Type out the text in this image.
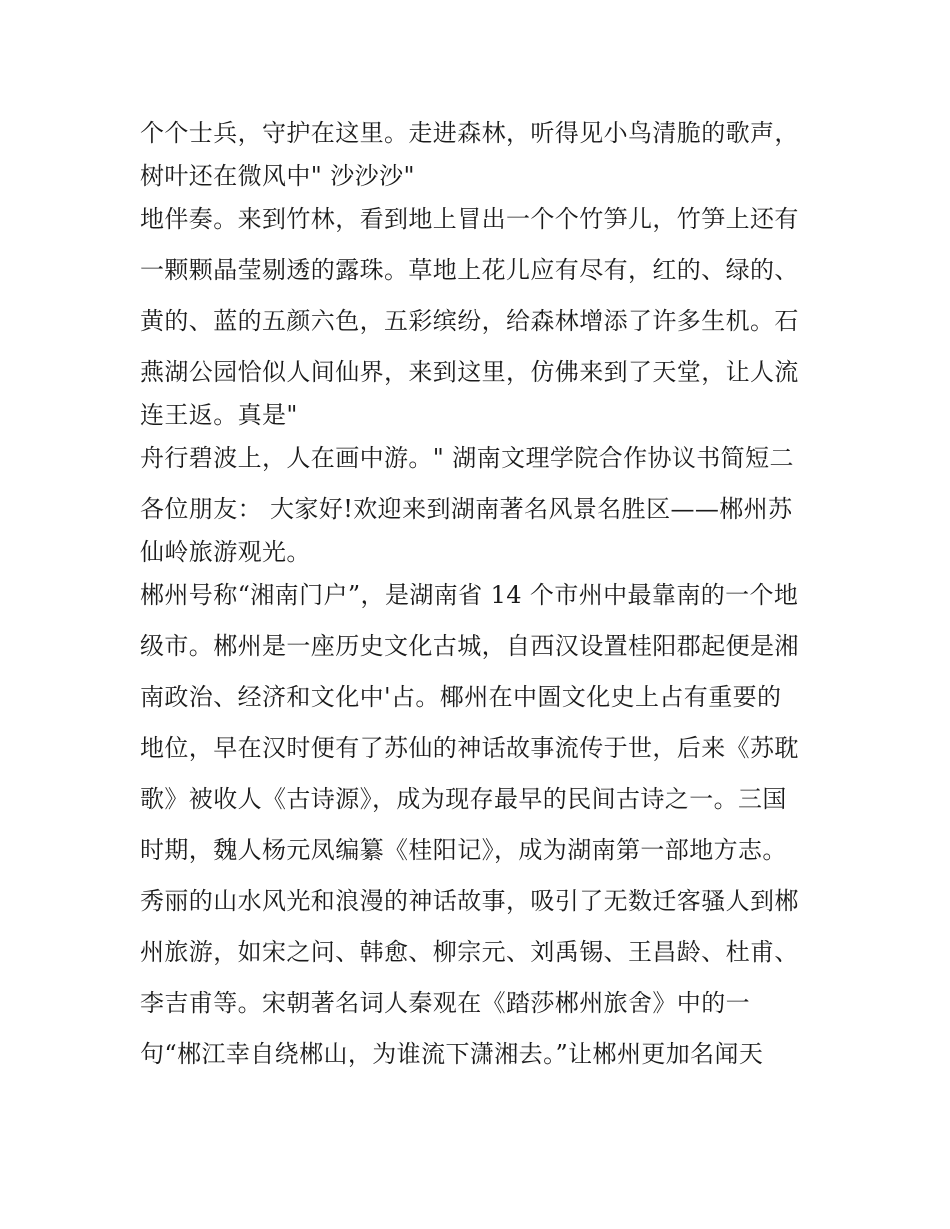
个个士兵，守护在这里。走进森林，听得见小鸟清脆的歌声，
树叶还在微风中" 沙沙沙"
地伴奏。来到竹林，看到地上冒出一个个竹笋儿，竹笋上还有
一颗颗晶莹剔透的露珠。草地上花儿应有尽有，红的、绿的、
黄的、蓝的五颜六色，五彩缤纷，给森林增添了许多生机。石
燕湖公园恰似人间仙界，来到这里，仿佛来到了天堂，让人流
连王返。真是"
舟行碧波上，人在画中游。" 湖南文理学院合作协议书简短二
各位朋友： 大家好!欢迎来到湖南著名风景名胜区——郴州苏
仙岭旅游观光。
郴州号称“湘南门户”，是湖南省 14 个市州中最靠南的一个地
级市。郴州是一座历史文化古城，自西汉设置桂阳郡起便是湘
南政治、经济和文化中'占。椰州在中圄文化史上占有重要的
地位，早在汉时便有了苏仙的神话故事流传于世，后来《苏耽
歌》被收人《古诗源》，成为现存最早的民间古诗之一。三国
时期，魏人杨元凤编纂《桂阳记》，成为湖南第一部地方志。
秀丽的山水风光和浪漫的神话故事，吸引了无数迁客骚人到郴
州旅游，如宋之问、韩愈、柳宗元、刘禹锡、王昌龄、杜甫、
李吉甫等。宋朝著名词人秦观在《踏莎郴州旅舍》中的一
句“郴江幸自绕郴山，为谁流下潇湘去。”让郴州更加名闻天
